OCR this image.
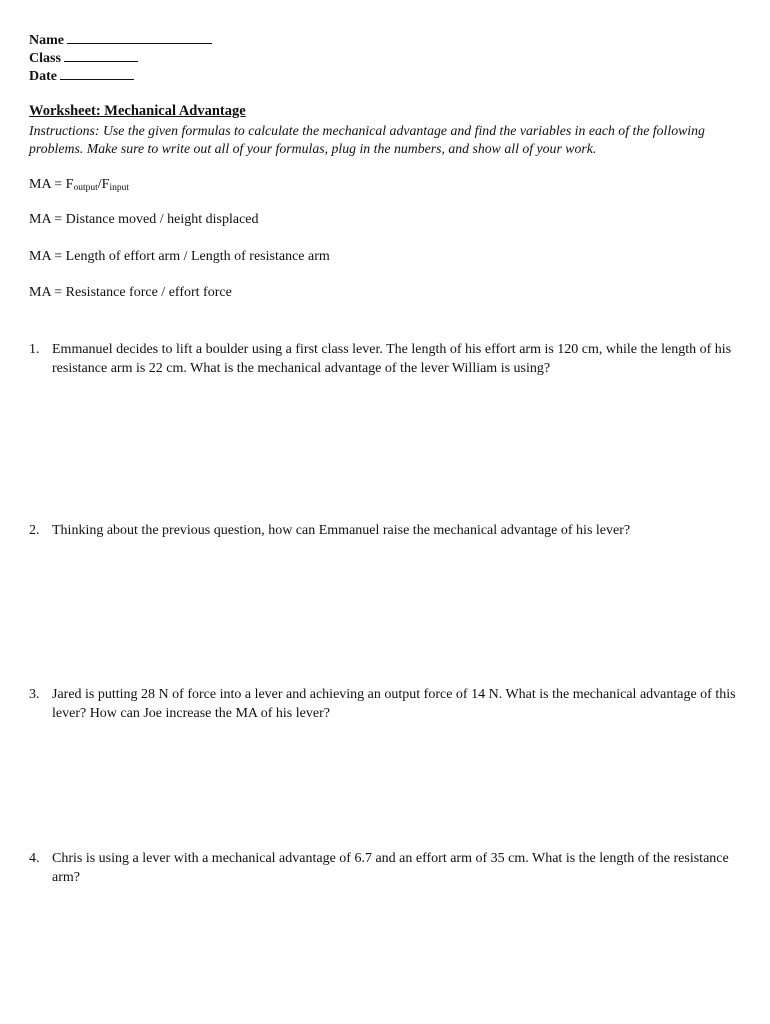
Name
Class
Date
Worksheet: Mechanical Advantage
Instructions: Use the given formulas to calculate the mechanical advantage and find the variables in each of the following problems. Make sure to write out all of your formulas, plug in the numbers, and show all of your work.
MA = $F_{output}/F_{input}$
MA = Distance moved / height displaced
MA = Length of effort arm / Length of resistance arm
MA = Resistance force / effort force
1. Emmanuel decides to lift a boulder using a first class lever. The length of his effort arm is 120 cm, while the length of his resistance arm is 22 cm. What is the mechanical advantage of the lever William is using?
2. Thinking about the previous question, how can Emmanuel raise the mechanical advantage of his lever?
3. Jared is putting 28 N of force into a lever and achieving an output force of 14 N. What is the mechanical advantage of this lever? How can Joe increase the MA of his lever?
4. Chris is using a lever with a mechanical advantage of 6.7 and an effort arm of 35 cm. What is the length of the resistance arm?
